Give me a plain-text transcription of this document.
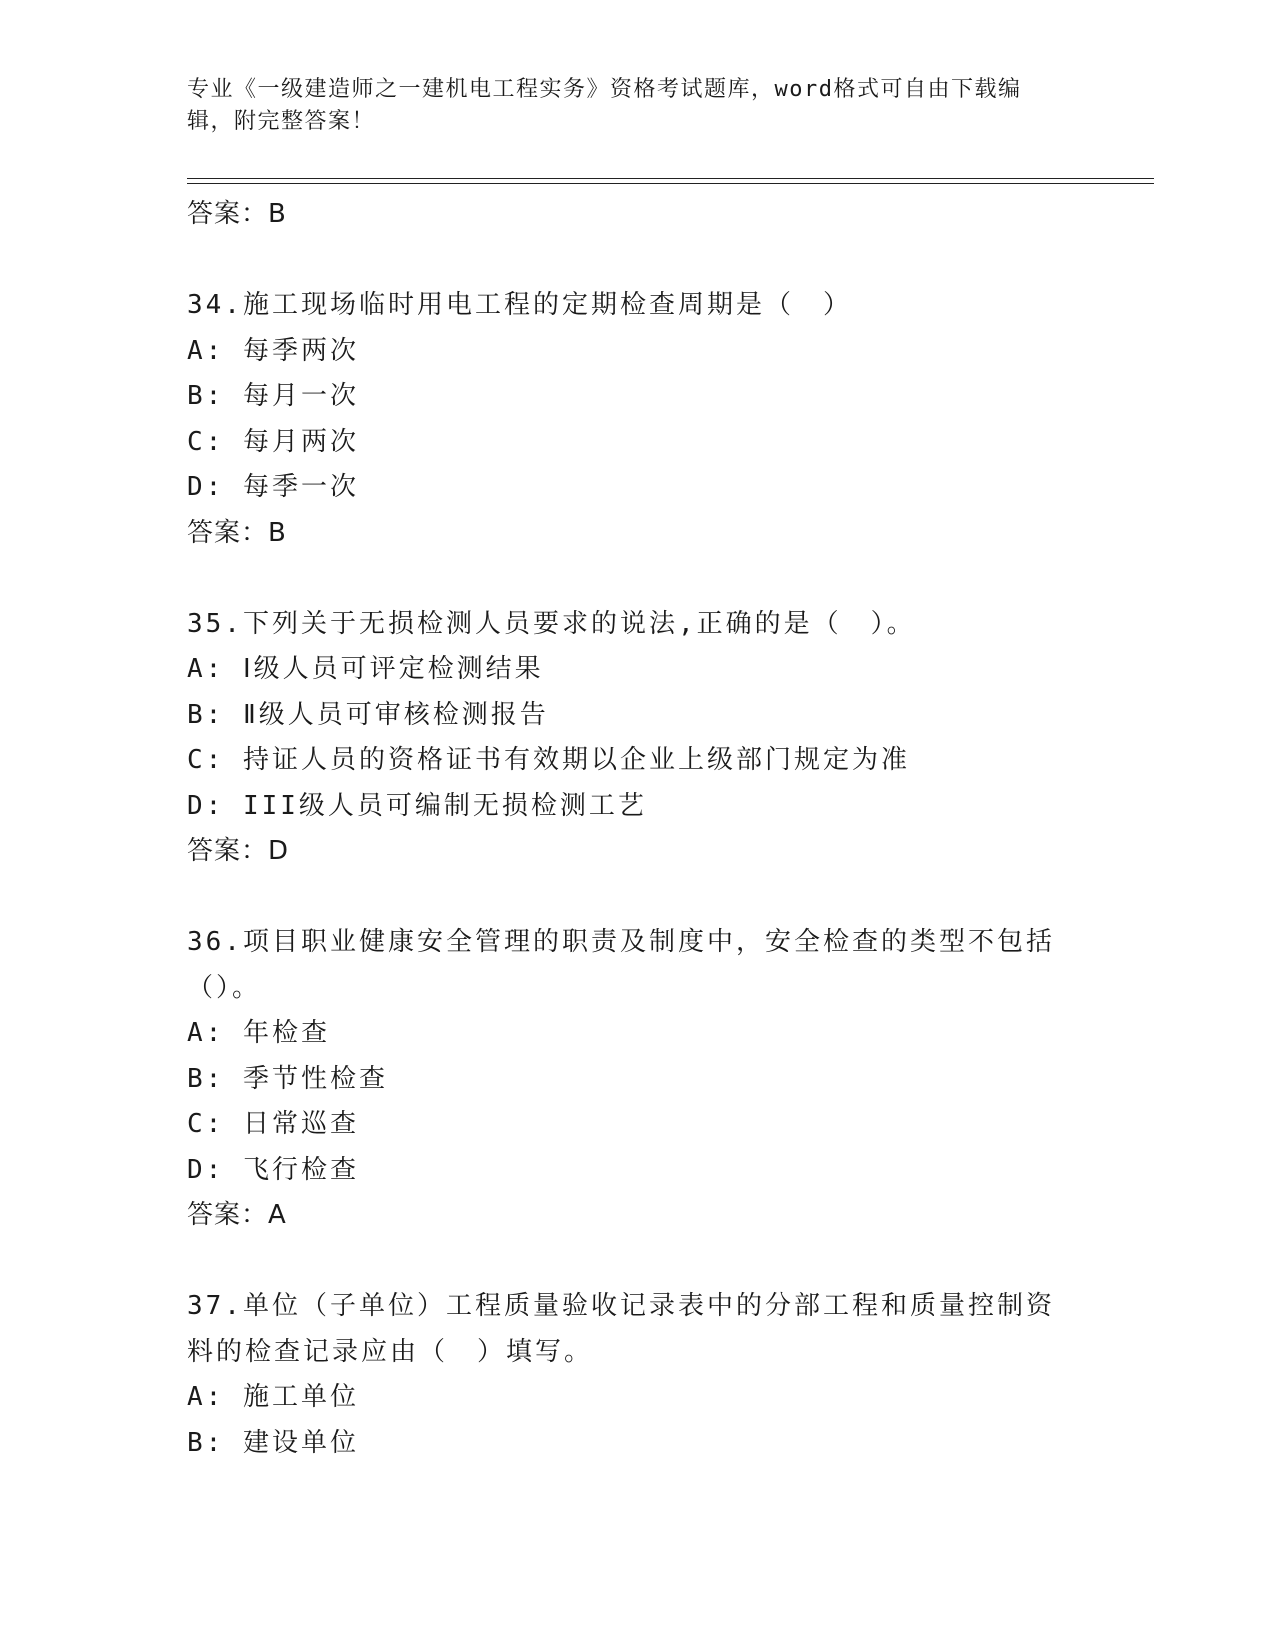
专业《一级建造师之一建机电工程实务》资格考试题库，word格式可自由下载编辑，附完整答案！
答案：B
34.施工现场临时用电工程的定期检查周期是（　）
A: 每季两次
B: 每月一次
C: 每月两次
D: 每季一次
答案：B
35.下列关于无损检测人员要求的说法,正确的是（　）。
A: Ⅰ级人员可评定检测结果
B: Ⅱ级人员可审核检测报告
C: 持证人员的资格证书有效期以企业上级部门规定为准
D: III级人员可编制无损检测工艺
答案：D
36.项目职业健康安全管理的职责及制度中，安全检查的类型不包括（）。
A: 年检查
B: 季节性检查
C: 日常巡查
D: 飞行检查
答案：A
37.单位（子单位）工程质量验收记录表中的分部工程和质量控制资料的检查记录应由（　）填写。
A: 施工单位
B: 建设单位
